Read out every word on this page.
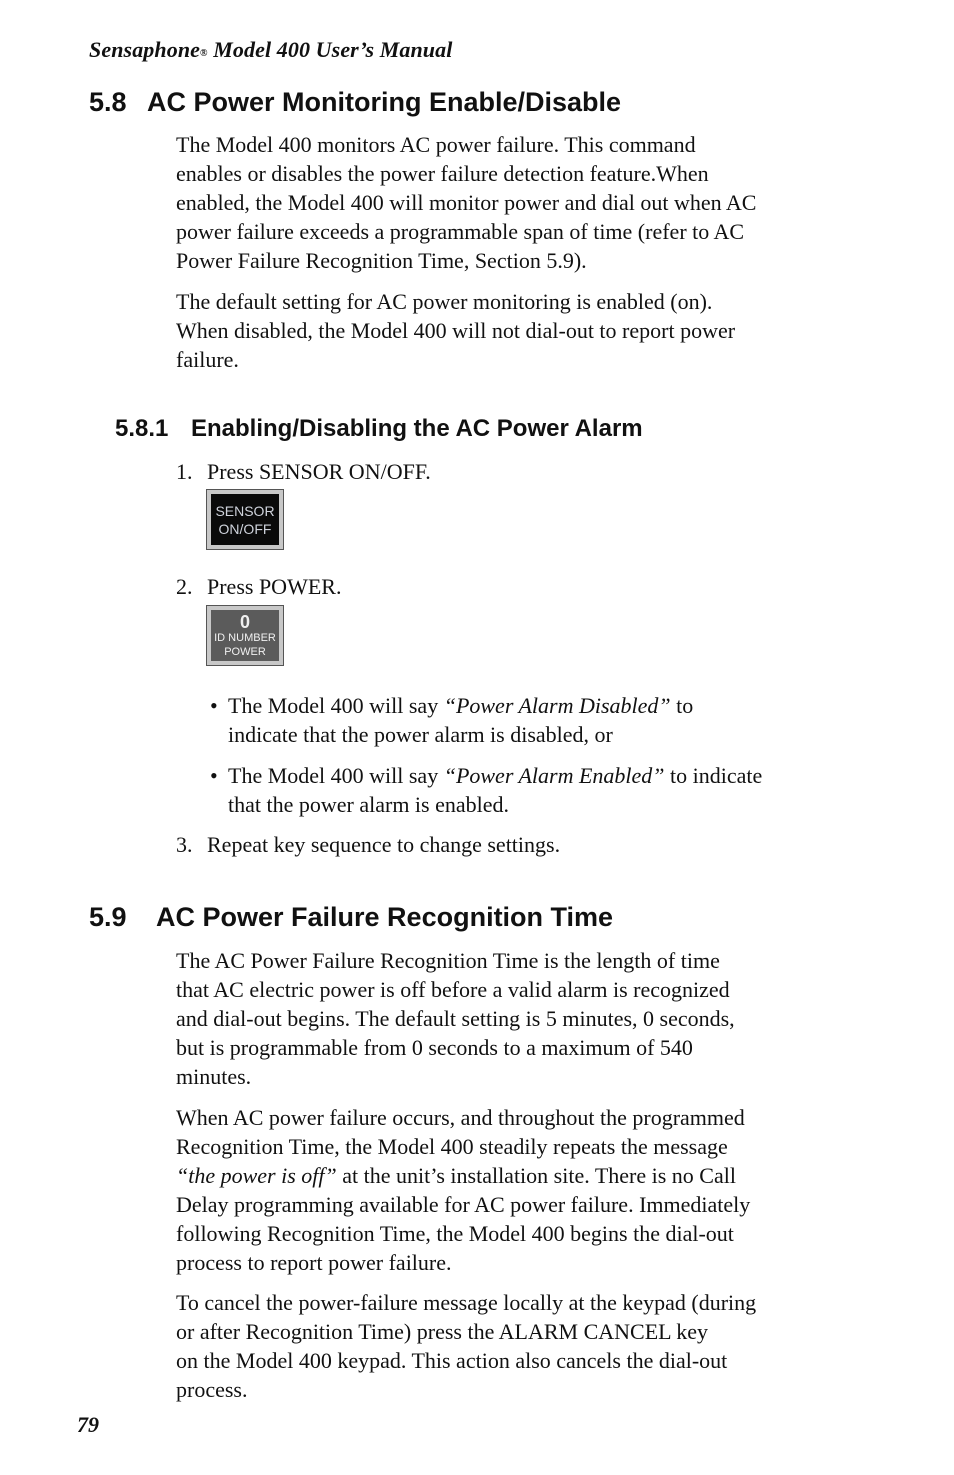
Sensaphone® Model 400 User’s Manual
5.8 AC Power Monitoring Enable/Disable

The Model 400 monitors AC power failure. This command
enables or disables the power failure detection feature.When
enabled, the Model 400 will monitor power and dial out when AC
power failure exceeds a programmable span of time (refer to AC
Power Failure Recognition Time, Section 5.9).

The default setting for AC power monitoring is enabled (on).
When disabled, the Model 400 will not dial-out to report power
failure.

5.8.1 Enabling/Disabling the AC Power Alarm
1. Press SENSOR ON/OFF.
SENSOR
ON/OFF
2. Press POWER.
0
ID NUMBER
POWER
• The Model 400 will say “Power Alarm Disabled” to
indicate that the power alarm is disabled, or
• The Model 400 will say “Power Alarm Enabled” to indicate
that the power alarm is enabled.
3. Repeat key sequence to change settings.
5.9 AC Power Failure Recognition Time

The AC Power Failure Recognition Time is the length of time
that AC electric power is off before a valid alarm is recognized
and dial-out begins. The default setting is 5 minutes, 0 seconds,
but is programmable from 0 seconds to a maximum of 540
minutes.

When AC power failure occurs, and throughout the programmed
Recognition Time, the Model 400 steadily repeats the message
“the power is off” at the unit’s installation site. There is no Call
Delay programming available for AC power failure. Immediately
following Recognition Time, the Model 400 begins the dial-out
process to report power failure.

To cancel the power-failure message locally at the keypad (during
or after Recognition Time) press the ALARM CANCEL key
on the Model 400 keypad. This action also cancels the dial-out
process.

79
